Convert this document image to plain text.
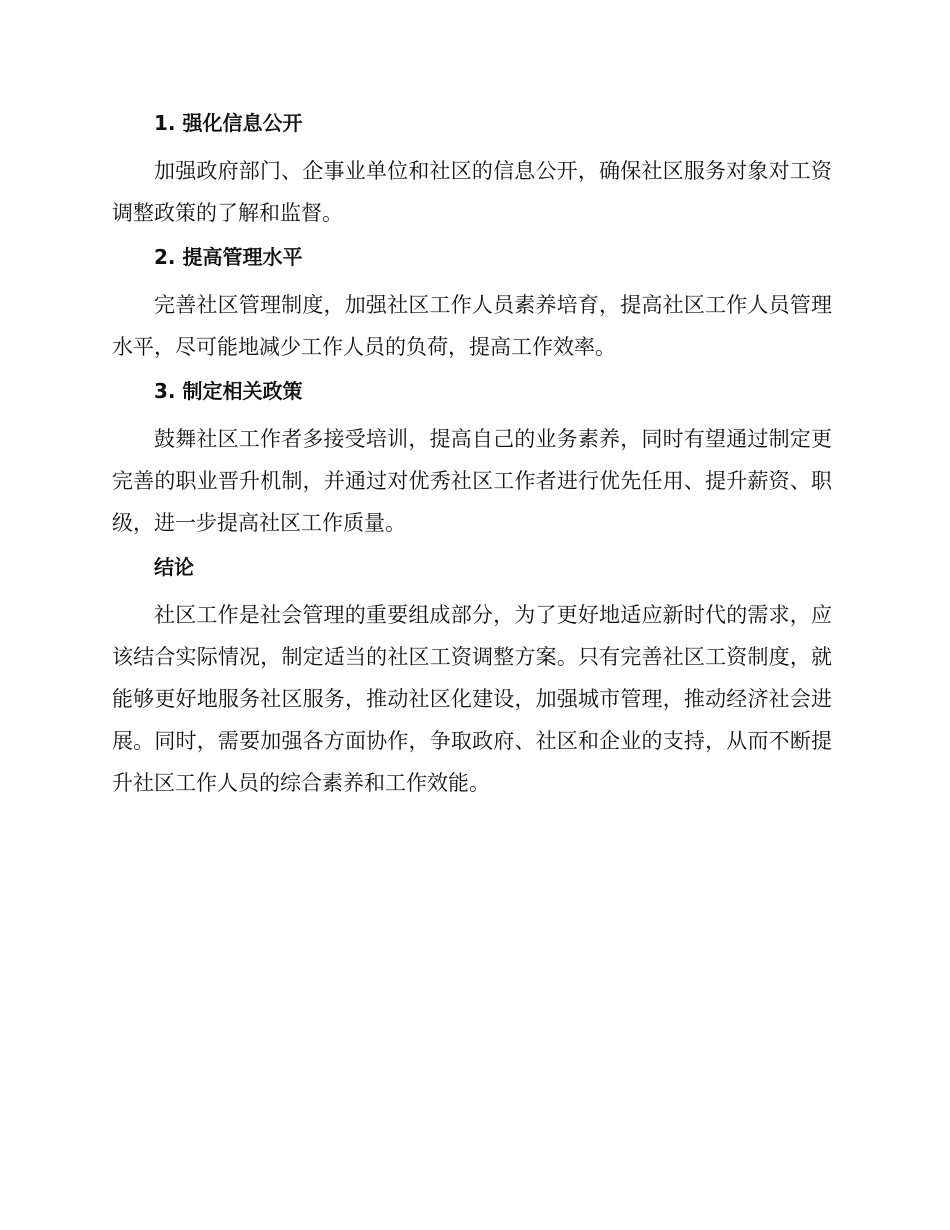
1. 强化信息公开

加强政府部门、企事业单位和社区的信息公开，确保社区服务对象对工资调整政策的了解和监督。

2. 提高管理水平

完善社区管理制度，加强社区工作人员素养培育，提高社区工作人员管理水平，尽可能地减少工作人员的负荷，提高工作效率。

3. 制定相关政策

鼓舞社区工作者多接受培训，提高自己的业务素养，同时有望通过制定更完善的职业晋升机制，并通过对优秀社区工作者进行优先任用、提升薪资、职级，进一步提高社区工作质量。

结论

社区工作是社会管理的重要组成部分，为了更好地适应新时代的需求，应该结合实际情况，制定适当的社区工资调整方案。只有完善社区工资制度，就能够更好地服务社区服务，推动社区化建设，加强城市管理，推动经济社会进展。同时，需要加强各方面协作，争取政府、社区和企业的支持，从而不断提升社区工作人员的综合素养和工作效能。
